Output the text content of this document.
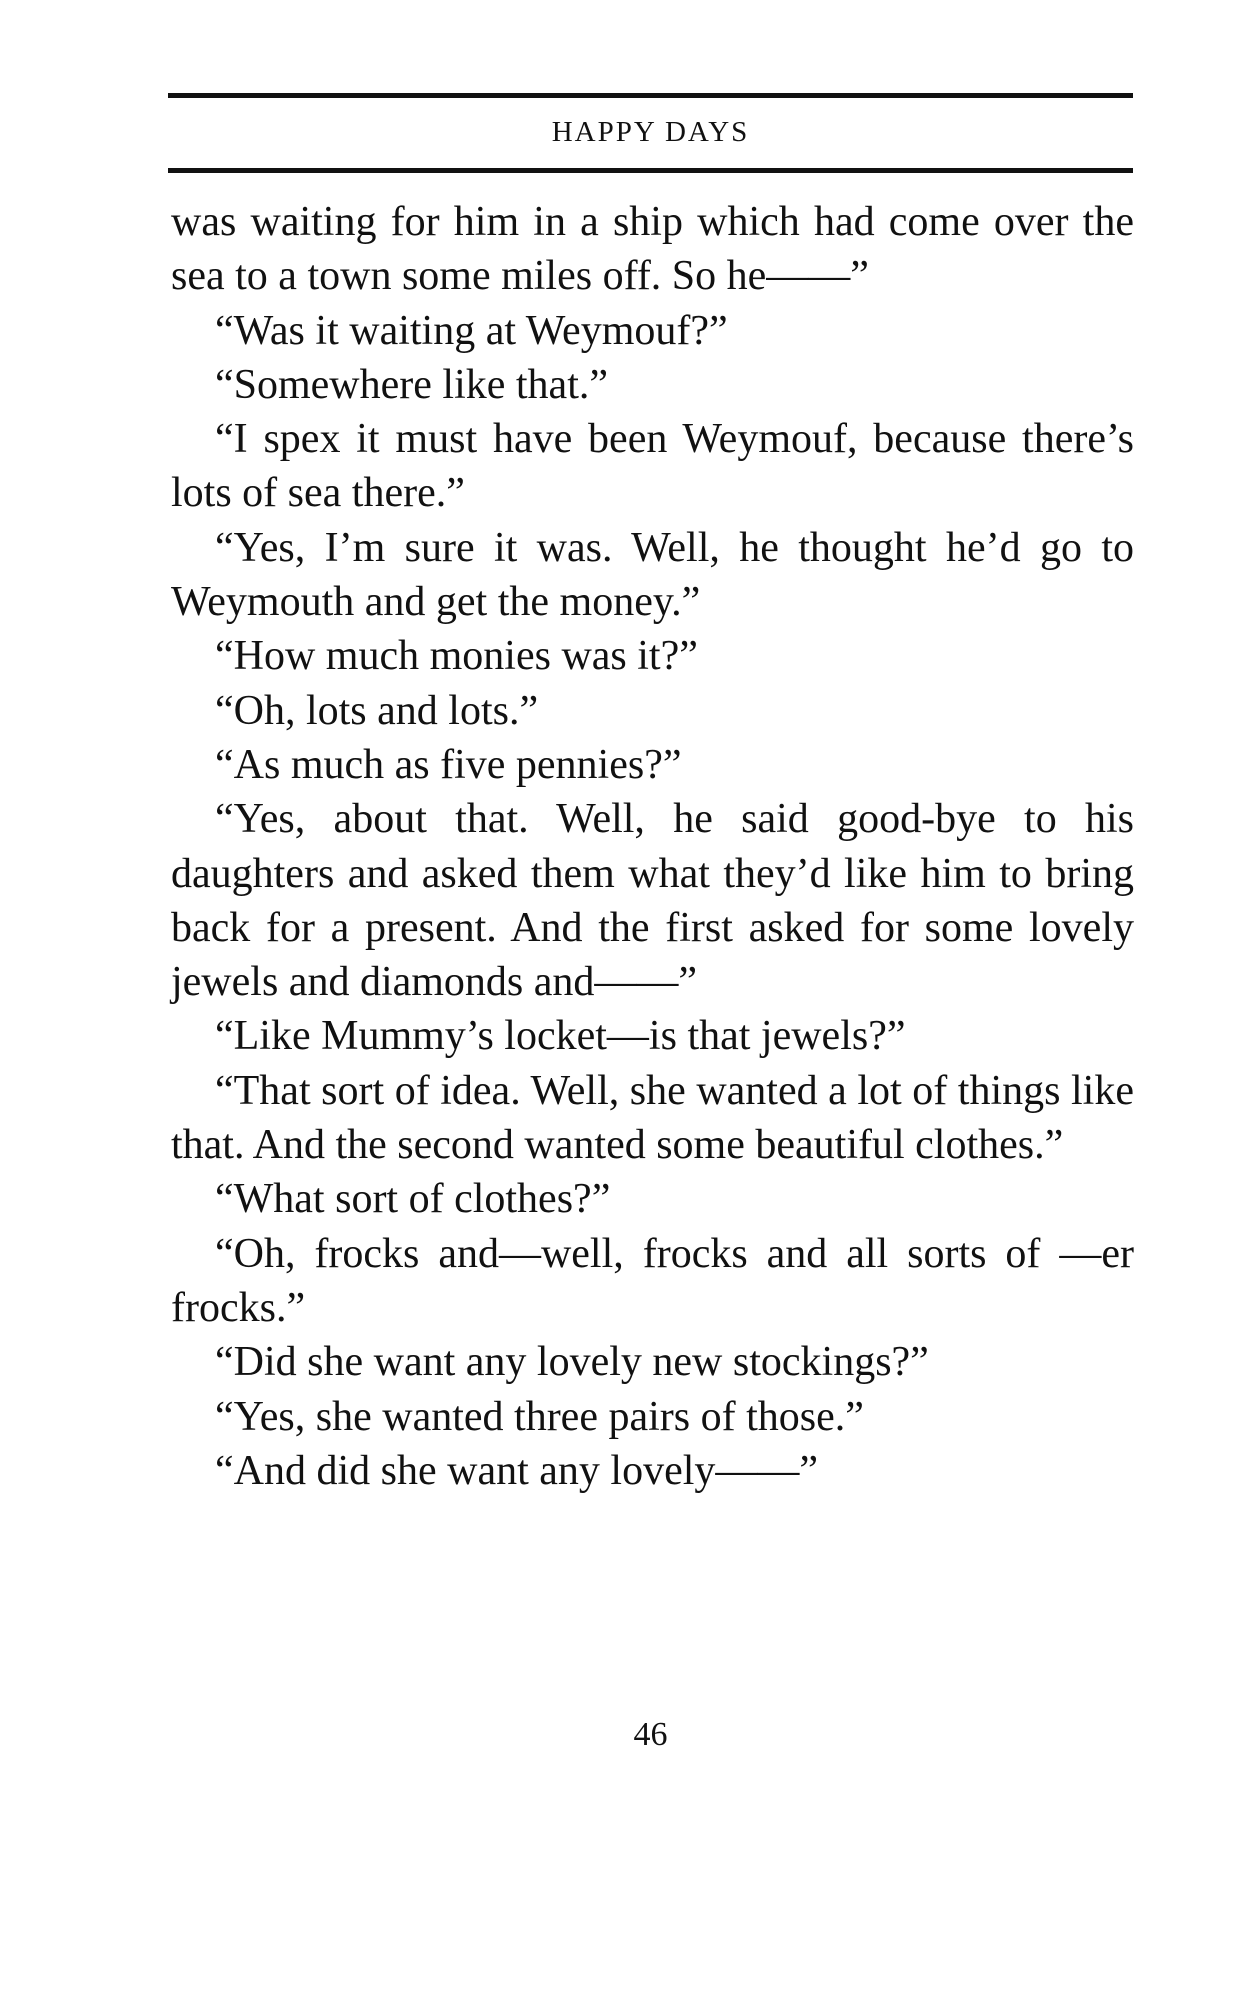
HAPPY DAYS

was waiting for him in a ship which had come over the sea to a town some miles off. So he——”

“Was it waiting at Weymouf?”

“Somewhere like that.”

“I spex it must have been Weymouf, because there’s lots of sea there.”

“Yes, I’m sure it was. Well, he thought he’d go to Weymouth and get the money.”

“How much monies was it?”

“Oh, lots and lots.”

“As much as five pennies?”

“Yes, about that. Well, he said good-bye to his daughters and asked them what they’d like him to bring back for a present. And the first asked for some lovely jewels and diamonds and——”

“Like Mummy’s locket—is that jewels?”

“That sort of idea. Well, she wanted a lot of things like that. And the second wanted some beautiful clothes.”

“What sort of clothes?”

“Oh, frocks and—well, frocks and all sorts of —er frocks.”

“Did she want any lovely new stockings?”

“Yes, she wanted three pairs of those.”

“And did she want any lovely——”

46
